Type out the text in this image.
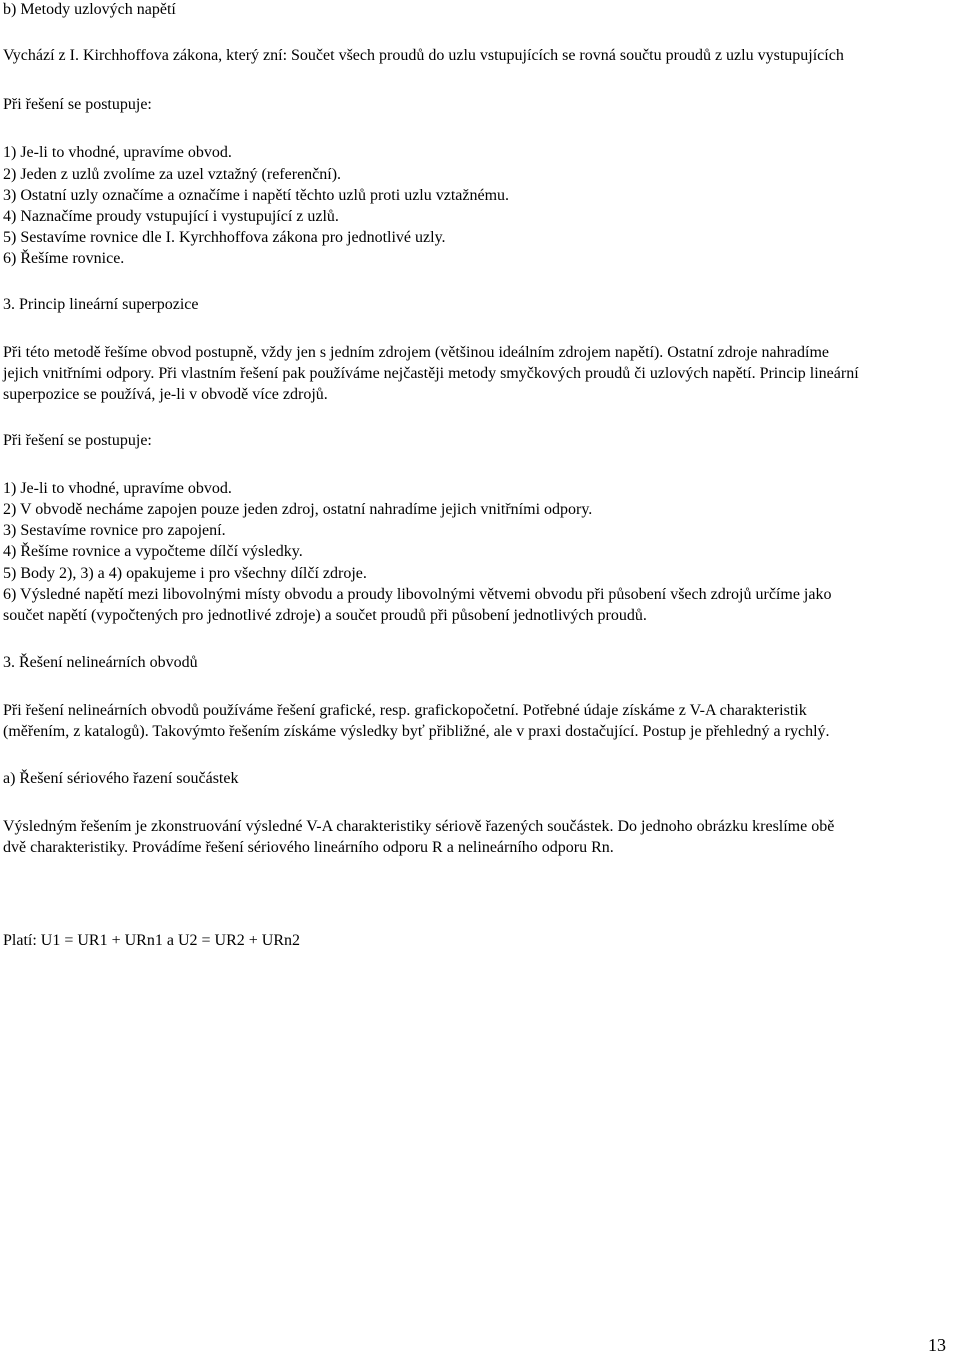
b) Metody uzlových napětí
Vychází z I. Kirchhoffova zákona, který zní: Součet všech proudů do uzlu vstupujících se rovná součtu proudů z uzlu vystupujících
Při řešení se postupuje:
1) Je-li to vhodné, upravíme obvod.
2) Jeden z uzlů zvolíme za uzel vztažný (referenční).
3) Ostatní uzly označíme a označíme i napětí těchto uzlů proti uzlu vztažnému.
4) Naznačíme proudy vstupující i vystupující z uzlů.
5) Sestavíme rovnice dle I. Kyrchhoffova zákona pro jednotlivé uzly.
6) Řešíme rovnice.
3. Princip lineární superpozice
Při této metodě řešíme obvod postupně, vždy jen s jedním zdrojem (většinou ideálním zdrojem napětí). Ostatní zdroje nahradíme
jejich vnitřními odpory. Při vlastním řešení pak používáme nejčastěji metody smyčkových proudů či uzlových napětí. Princip lineární
superpozice se používá, je-li v obvodě více zdrojů.
Při řešení se postupuje:
1) Je-li to vhodné, upravíme obvod.
2) V obvodě necháme zapojen pouze jeden zdroj, ostatní nahradíme jejich vnitřními odpory.
3) Sestavíme rovnice pro zapojení.
4) Řešíme rovnice a vypočteme dílčí výsledky.
5) Body 2), 3) a 4) opakujeme i pro všechny dílčí zdroje.
6) Výsledné napětí mezi libovolnými místy obvodu a proudy libovolnými větvemi obvodu při působení všech zdrojů určíme jako
součet napětí (vypočtených pro jednotlivé zdroje) a součet proudů při působení jednotlivých proudů.
3. Řešení nelineárních obvodů
Při řešení nelineárních obvodů používáme řešení grafické, resp. grafickopočetní. Potřebné údaje získáme z V-A charakteristik
(měřením, z katalogů). Takovýmto řešením získáme výsledky byť přibližné, ale v praxi dostačující. Postup je přehledný a rychlý.
a) Řešení sériového řazení součástek
Výsledným řešením je zkonstruování výsledné V-A charakteristiky sériově řazených součástek. Do jednoho obrázku kreslíme obě
dvě charakteristiky. Provádíme řešení sériového lineárního odporu R a nelineárního odporu Rn.
Platí: U1 = UR1 + URn1 a U2 = UR2 + URn2
13
